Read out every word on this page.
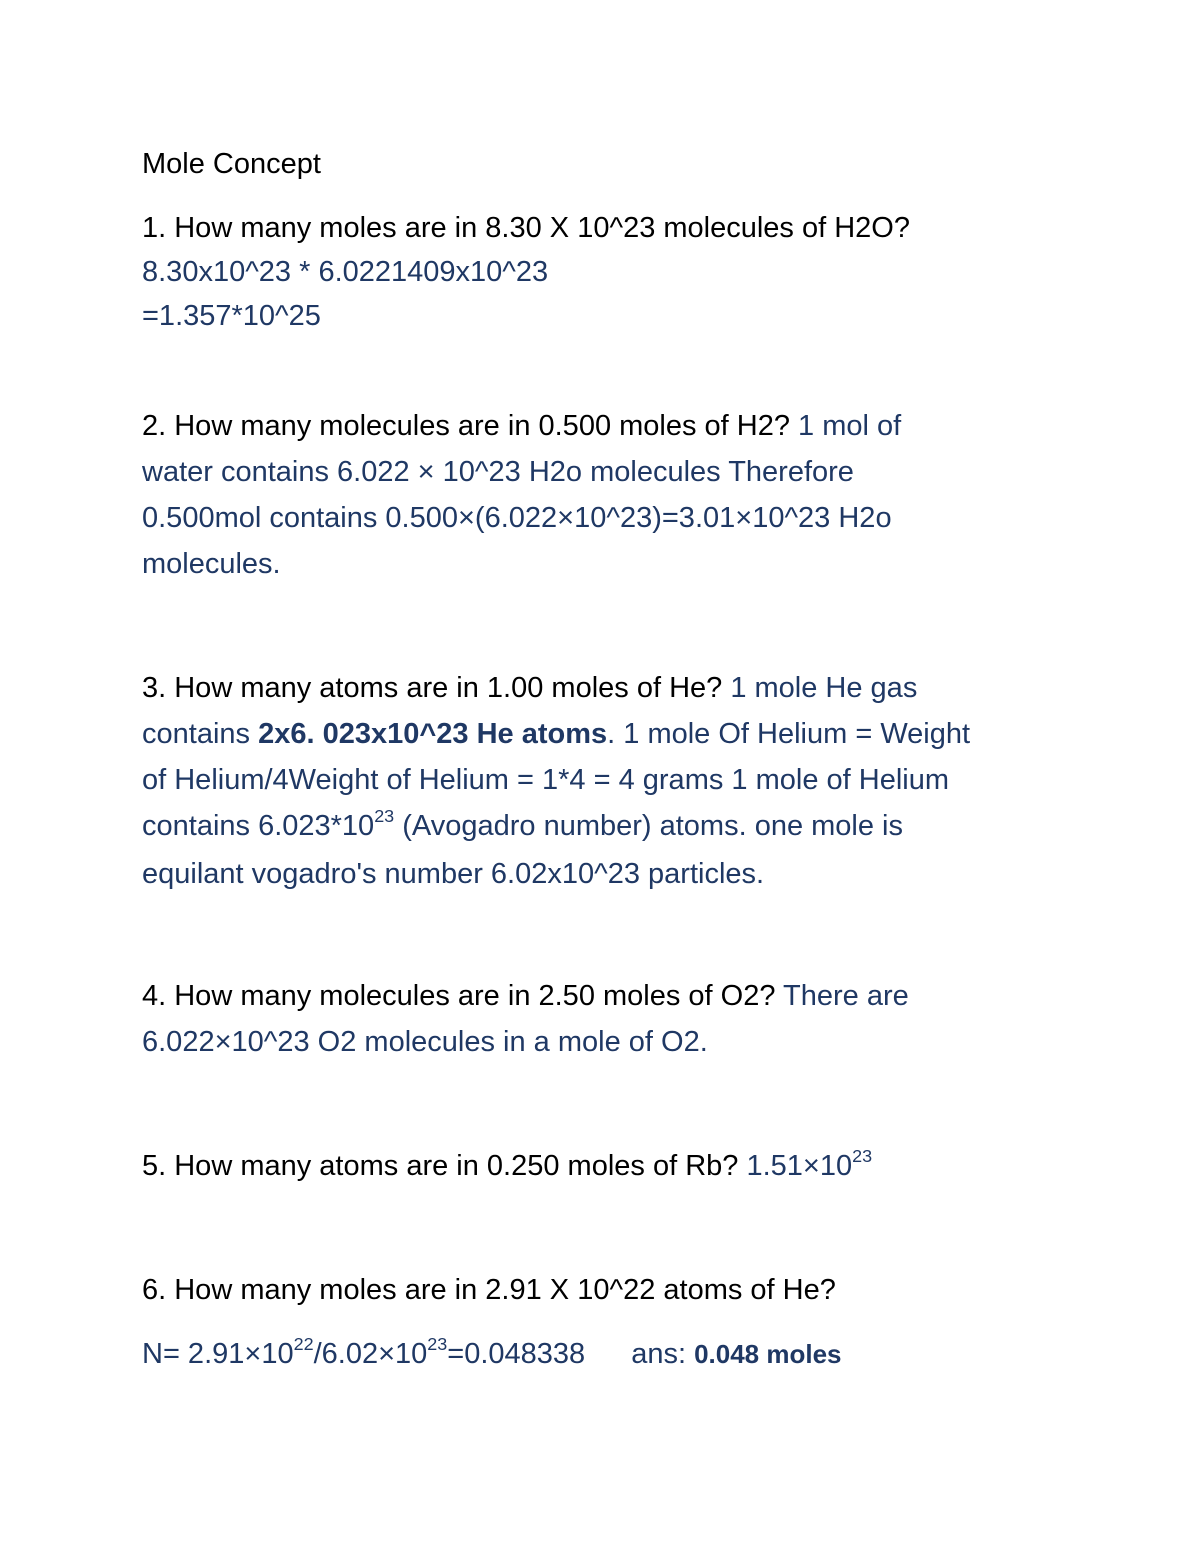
Mole Concept
1. How many moles are in 8.30 X 10^23 molecules of H2O?
8.30x10^23 * 6.0221409x10^23
=1.357*10^25
2. How many molecules are in 0.500 moles of H2? 1 mol of
water contains 6.022 × 10^23 H2o molecules Therefore
0.500mol contains 0.500×(6.022×10^23)=3.01×10^23 H2o
molecules.
3. How many atoms are in 1.00 moles of He? 1 mole He gas
contains 2x6. 023x10^23 He atoms. 1 mole Of Helium = Weight
of Helium/4Weight of Helium = 1*4 = 4 grams 1 mole of Helium
contains $6.023*10^{23}$ (Avogadro number) atoms. one mole is
equilant vogadro's number 6.02x10^23 particles.
4. How many molecules are in 2.50 moles of O2? There are
6.022×10^23 O2 molecules in a mole of O2.
5. How many atoms are in 0.250 moles of Rb? $1.51\times 10^{23}$
6. How many moles are in 2.91 X 10^22 atoms of He?
$N= 2.91\times 10^{22}/6.02\times 10^{23}=0.048338$ ans: 0.048 moles
